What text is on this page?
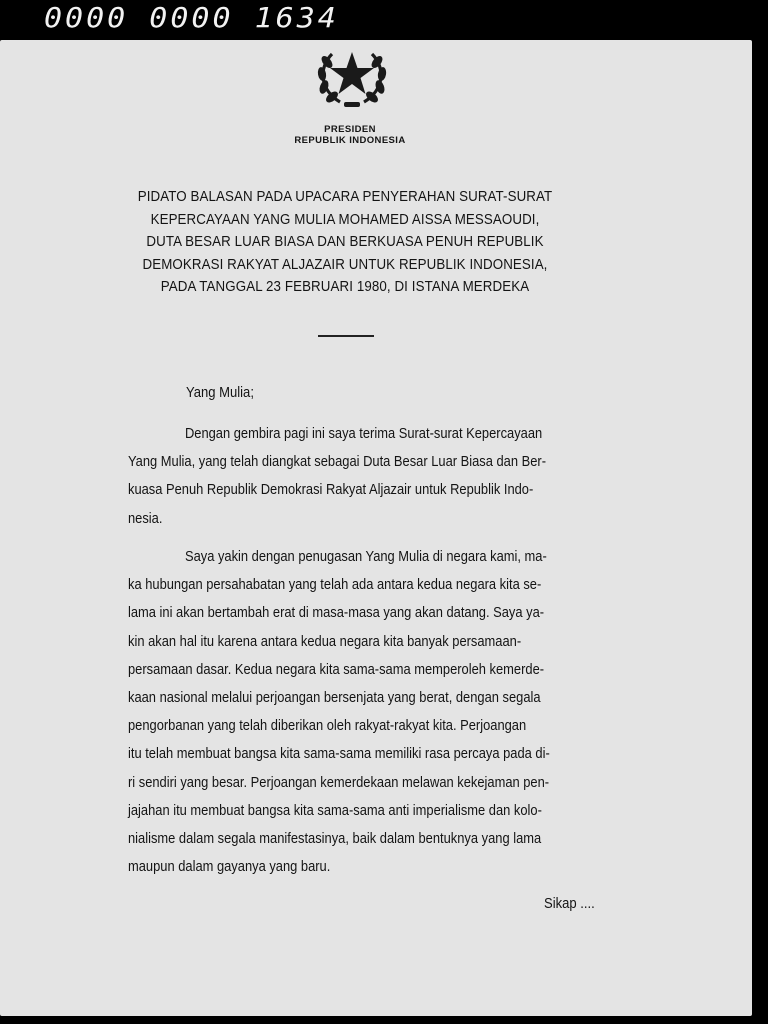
0000 0000 1634
PRESIDEN
REPUBLIK INDONESIA
PIDATO BALASAN PADA UPACARA PENYERAHAN SURAT-SURAT
KEPERCAYAAN YANG MULIA MOHAMED AISSA MESSAOUDI,
DUTA BESAR LUAR BIASA DAN BERKUASA PENUH REPUBLIK
DEMOKRASI RAKYAT ALJAZAIR UNTUK REPUBLIK INDONESIA,
PADA TANGGAL 23 FEBRUARI 1980, DI ISTANA MERDEKA
Yang Mulia;
Dengan gembira pagi ini saya terima Surat-surat Kepercayaan
Yang Mulia, yang telah diangkat sebagai Duta Besar Luar Biasa dan Ber-
kuasa Penuh Republik Demokrasi Rakyat Aljazair untuk Republik Indo-
nesia.
Saya yakin dengan penugasan Yang Mulia di negara kami, ma-
ka hubungan persahabatan yang telah ada antara kedua negara kita se-
lama ini akan bertambah erat di masa-masa yang akan datang. Saya ya-
kin akan hal itu karena antara kedua negara kita banyak persamaan-
persamaan dasar. Kedua negara kita sama-sama memperoleh kemerde-
kaan nasional melalui perjoangan bersenjata yang berat, dengan segala
pengorbanan yang telah diberikan oleh rakyat-rakyat kita. Perjoangan
itu telah membuat bangsa kita sama-sama memiliki rasa percaya pada di-
ri sendiri yang besar. Perjoangan kemerdekaan melawan kekejaman pen-
jajahan itu membuat bangsa kita sama-sama anti imperialisme dan kolo-
nialisme dalam segala manifestasinya, baik dalam bentuknya yang lama
maupun dalam gayanya yang baru.
Sikap ....
